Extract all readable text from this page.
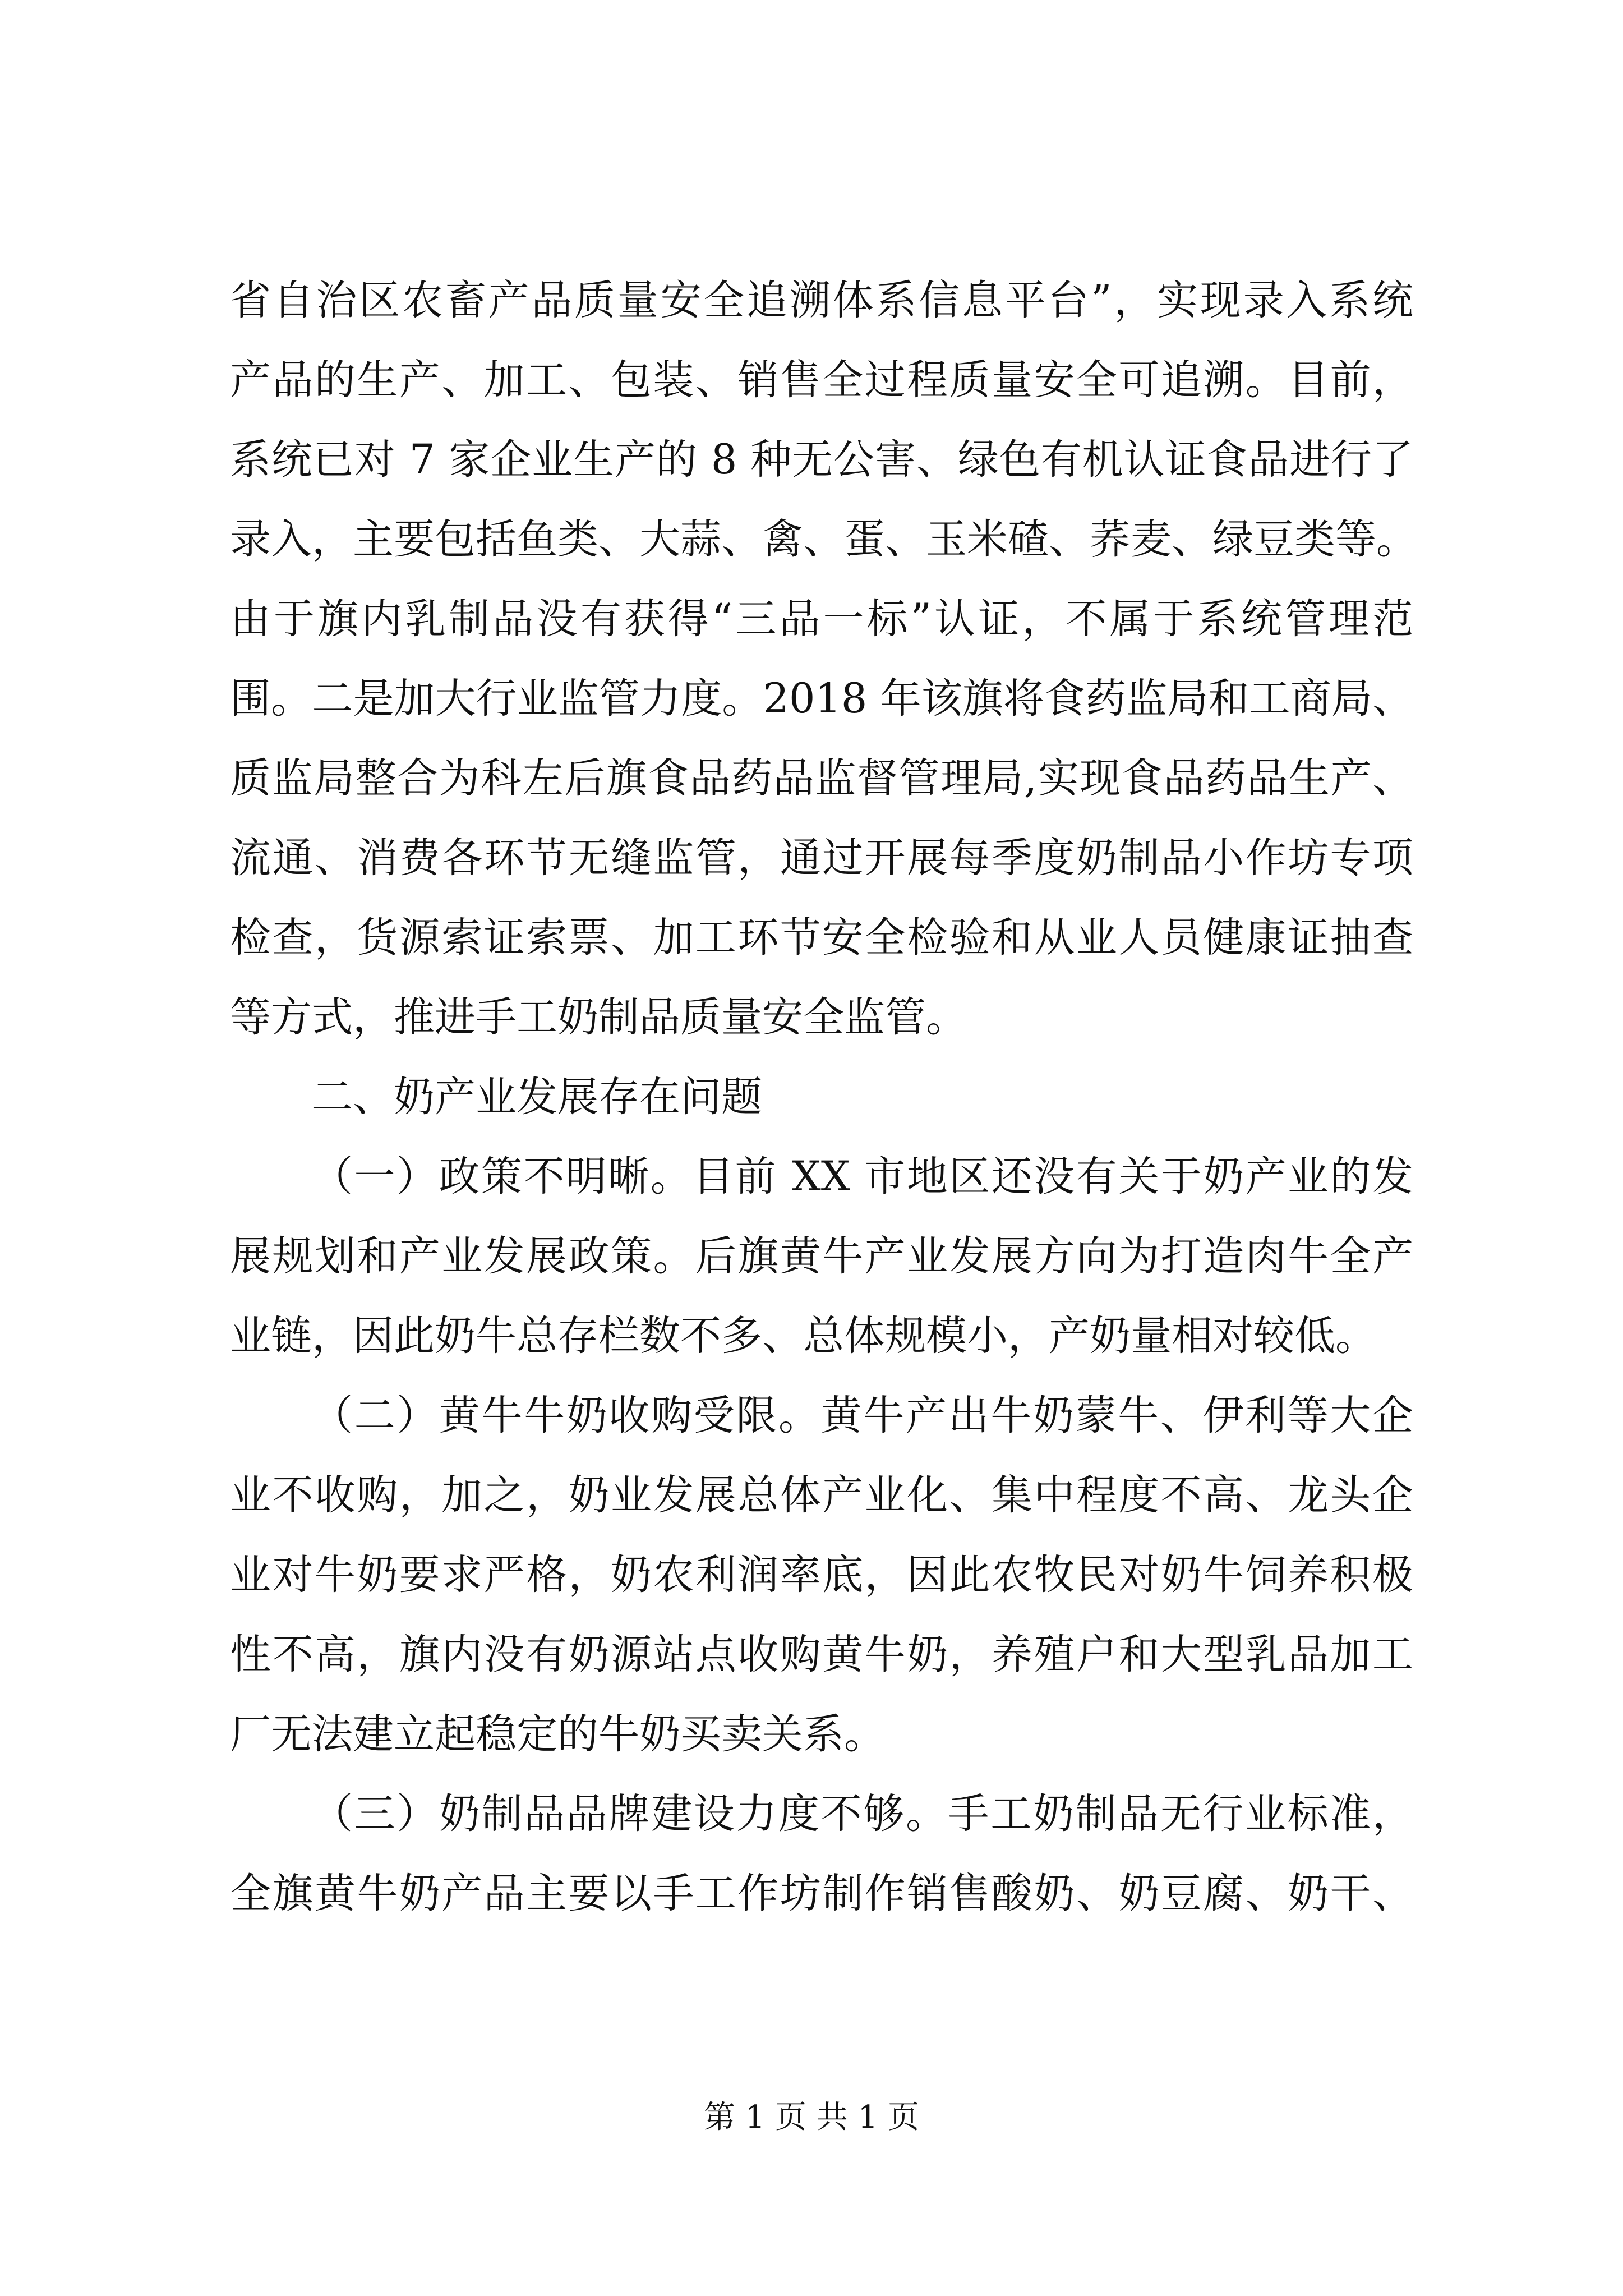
省自治区农畜产品质量安全追溯体系信息平台”，实现录入系统
产品的生产、加工、包装、销售全过程质量安全可追溯。目前，
系统已对 7 家企业生产的 8 种无公害、绿色有机认证食品进行了
录入，主要包括鱼类、大蒜、禽、蛋、玉米碴、荞麦、绿豆类等。
由于旗内乳制品没有获得“三品一标”认证，不属于系统管理范
围。二是加大行业监管力度。2018 年该旗将食药监局和工商局、
质监局整合为科左后旗食品药品监督管理局,实现食品药品生产、
流通、消费各环节无缝监管，通过开展每季度奶制品小作坊专项
检查，货源索证索票、加工环节安全检验和从业人员健康证抽查
等方式，推进手工奶制品质量安全监管。
二、奶产业发展存在问题
（一）政策不明晰。目前 XX 市地区还没有关于奶产业的发
展规划和产业发展政策。后旗黄牛产业发展方向为打造肉牛全产
业链，因此奶牛总存栏数不多、总体规模小，产奶量相对较低。
（二）黄牛牛奶收购受限。黄牛产出牛奶蒙牛、伊利等大企
业不收购，加之，奶业发展总体产业化、集中程度不高、龙头企
业对牛奶要求严格，奶农利润率底，因此农牧民对奶牛饲养积极
性不高，旗内没有奶源站点收购黄牛奶，养殖户和大型乳品加工
厂无法建立起稳定的牛奶买卖关系。
（三）奶制品品牌建设力度不够。手工奶制品无行业标准，
全旗黄牛奶产品主要以手工作坊制作销售酸奶、奶豆腐、奶干、
第 1 页 共 1 页
